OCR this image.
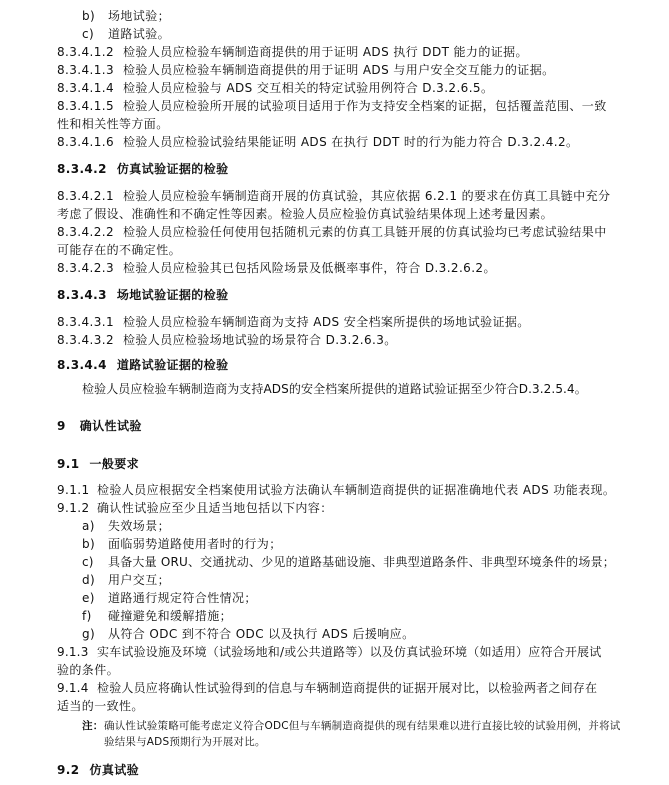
b) 场地试验；
c) 道路试验。
8.3.4.1.2 检验人员应检验车辆制造商提供的用于证明 ADS 执行 DDT 能力的证据。
8.3.4.1.3 检验人员应检验车辆制造商提供的用于证明 ADS 与用户安全交互能力的证据。
8.3.4.1.4 检验人员应检验与 ADS 交互相关的特定试验用例符合 D.3.2.6.5。
8.3.4.1.5 检验人员应检验所开展的试验项目适用于作为支持安全档案的证据，包括覆盖范围、一致
性和相关性等方面。
8.3.4.1.6 检验人员应检验试验结果能证明 ADS 在执行 DDT 时的行为能力符合 D.3.2.4.2。
8.3.4.2 仿真试验证据的检验
8.3.4.2.1 检验人员应检验车辆制造商开展的仿真试验，其应依据 6.2.1 的要求在仿真工具链中充分
考虑了假设、准确性和不确定性等因素。检验人员应检验仿真试验结果体现上述考量因素。
8.3.4.2.2 检验人员应检验任何使用包括随机元素的仿真工具链开展的仿真试验均已考虑试验结果中
可能存在的不确定性。
8.3.4.2.3 检验人员应检验其已包括风险场景及低概率事件，符合 D.3.2.6.2。
8.3.4.3 场地试验证据的检验
8.3.4.3.1 检验人员应检验车辆制造商为支持 ADS 安全档案所提供的场地试验证据。
8.3.4.3.2 检验人员应检验场地试验的场景符合 D.3.2.6.3。
8.3.4.4 道路试验证据的检验
检验人员应检验车辆制造商为支持ADS的安全档案所提供的道路试验证据至少符合D.3.2.5.4。
9 确认性试验
9.1 一般要求
9.1.1 检验人员应根据安全档案使用试验方法确认车辆制造商提供的证据准确地代表 ADS 功能表现。
9.1.2 确认性试验应至少且适当地包括以下内容：
a) 失效场景；
b) 面临弱势道路使用者时的行为；
c) 具备大量 ORU、交通扰动、少见的道路基础设施、非典型道路条件、非典型环境条件的场景；
d) 用户交互；
e) 道路通行规定符合性情况；
f) 碰撞避免和缓解措施；
g) 从符合 ODC 到不符合 ODC 以及执行 ADS 后援响应。
9.1.3 实车试验设施及环境（试验场地和/或公共道路等）以及仿真试验环境（如适用）应符合开展试
验的条件。
9.1.4 检验人员应将确认性试验得到的信息与车辆制造商提供的证据开展对比，以检验两者之间存在
适当的一致性。
注：确认性试验策略可能考虑定义符合ODC但与车辆制造商提供的现有结果难以进行直接比较的试验用例，并将试
验结果与ADS预期行为开展对比。
9.2 仿真试验
